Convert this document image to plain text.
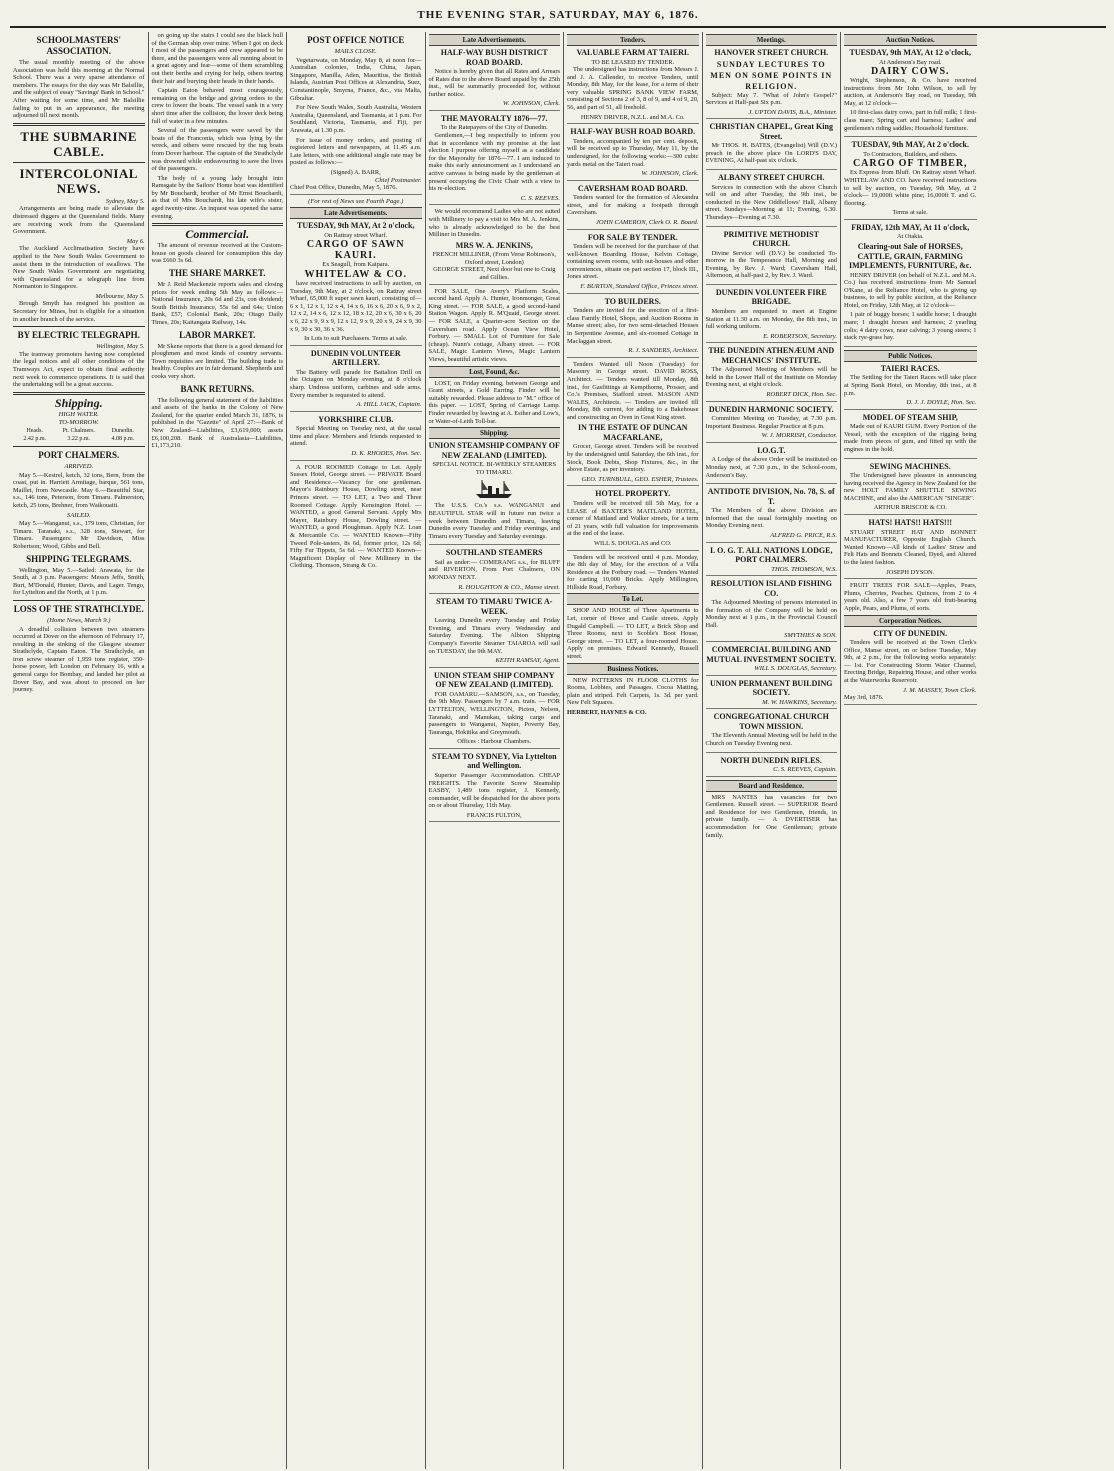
THE EVENING STAR, SATURDAY, MAY 6, 1876.
SCHOOLMASTERS' ASSOCIATION.

The usual monthly meeting of the above Association was held this morning at the Normal School. There was a very sparse attendance of members. The essays for the day was Mr Balsillie, and the subject of essay "Savings' Bank in School." After waiting for some time, and Mr Balsillie failing to put in an appearance, the meeting adjourned till next month.

THE SUBMARINE CABLE.
INTERCOLONIAL NEWS.
Sydney, May 5.

Arrangements are being made to alleviate the distressed diggers at the Queensland fields. Many are receiving work from the Queensland Government.

May 6.

The Auckland Acclimatisation Society have applied to the New South Wales Government to assist them in the introduction of swallows. The New South Wales Government are negotiating with Queensland for a telegraph line from Normanton to Singapore.

Melbourne, May 5.

Brough Smyth has resigned his position as Secretary for Mines, but is eligible for a situation in another branch of the service.

BY ELECTRIC TELEGRAPH.
Wellington, May 5.

The tramway promoters having now completed the legal notices and all other conditions of the Tramways Act, expect to obtain final authority next week to commence operations. It is said that the undertaking will be a great success.

Shipping.
HIGH WATER.
TO-MORROW.
Heads.	Pt. Chalmers.	Dunedin.
2.42 p.m.	3.22 p.m.	4.08 p.m.
PORT CHALMERS.
ARRIVED.

May 5.—Kestrel, ketch, 32 tons, Bern, from the coast, put in. Harriett Armitage, barque, 561 tons, Maillet, from Newcastle. May 6.—Beautiful Star, s.s., 146 tons, Peterson, from Timaru. Palmerston, ketch, 25 tons, Brehner, from Waikouaiti.

SAILED.

May 5.—Wanganui, s.s., 179 tons, Christian, for Timaru. Taranaki, s.s., 328 tons, Stewart, for Timaru. Passengers: Mr Davidson, Miss Robertson; Wood, Gibbs and Bell.

SHIPPING TELEGRAMS.

Wellington, May 5.—Sailed: Arawata, for the South, at 3 p.m. Passengers: Messrs Jeffs, Smith, Burt, M'Donald, Hunter, Davis, and Lager. Tengo, for Lyttelton and the North, at 1 p.m.

LOSS OF THE STRATHCLYDE.
(Home News, March 9.)

A dreadful collision between two steamers occurred at Dover on the afternoon of February 17, resulting in the sinking of the Glasgow steamer Strathclyde, Captain Eaton. The Strathclyde, an iron screw steamer of 1,959 tons register, 350-horse power, left London on February 16, with a general cargo for Bombay, and landed her pilot at Dover Bay, and was about to proceed on her journey.

on going up the stairs I could see the black hull of the German ship over mine. When I got on deck I most of the passengers and crew appeared to be there, and the passengers were all running about in a great agony and fear—some of them scrambling out their berths and crying for help, others tearing their hair and burying their heads in their hands.

Captain Eaton behaved most courageously, remaining on the bridge and giving orders to the crew to lower the boats. The vessel sank in a very short time after the collision, the lower deck being full of water in a few minutes.

Several of the passengers were saved by the boats of the Franconia, which was lying by the wreck, and others were rescued by the tug boats from Dover harbour. The captain of the Strathclyde was drowned while endeavouring to save the lives of the passengers.

The body of a young lady brought into Ramsgate by the Sailors' Home boat was identified by Mr Bouchardt, brother of Mr Ernst Bouchardt, as that of Mrs Bouchardt, his late wife's sister, aged twenty-nine. An inquest was opened the same evening.

Commercial.

The amount of revenue received at the Custom-house on goods cleared for consumption this day was £660 3s 6d.

THE SHARE MARKET.

Mr J. Reid Mackenzie reports sales and closing prices for week ending 5th May as follows:—National Insurance, 20s 6d and 23s, con dividend; South British Insurance, 55s 6d and 64s; Union Bank, £57; Colonial Bank, 20s; Otago Daily Times, 20s; Kaitangata Railway, 14s.

LABOR MARKET.

Mr Skene reports that there is a good demand for ploughmen and most kinds of country servants. Town requisites are limited. The building trade is healthy. Couples are in fair demand. Shepherds and cooks very short.

BANK RETURNS.

The following general statement of the liabilities and assets of the banks in the Colony of New Zealand, for the quarter ended March 31, 1876, is published in the "Gazette" of April 27:—Bank of New Zealand—Liabilities, £3,619,000; assets £6,100,208. Bank of Australasia—Liabilities, £1,173,210.

POST OFFICE NOTICE
MAILS CLOSE.

Vegetarwata, on Monday, May 8, at noon for—Australian colonies, India, China, Japan, Singapore, Manilla, Aden, Mauritius, the British Islands, Austrian Post Offices at Alexandria, Suez, Constantinople, Smyrna, France, &c., via Malta, Gibraltar.

For New South Wales, South Australia, Western Australia, Queensland, and Tasmania, at 1 p.m. For Southland, Victoria, Tasmania, and Fiji, per Arawata, at 1.30 p.m.

For issue of money orders, and posting of registered letters and newspapers, at 11.45 a.m. Late letters, with one additional single rate may be posted as follows:—

(Signed) A. BARR,
Chief Postmaster.
Chief Post Office, Dunedin, May 5, 1876.
(For rest of News see Fourth Page.)
Late Advertisements.
TUESDAY, 9th MAY, At 2 o'clock,
On Rattray street Wharf.
CARGO OF SAWN KAURI.
Ex Seagull, from Kaipara.
WHITELAW & CO.

have received instructions to sell by auction, on Tuesday, 9th May, at 2 o'clock, on Rattray street Wharf, 65,000 ft super sawn kauri, consisting of— 6 x 1, 12 x 1, 12 x 4, 14 x 6, 16 x 6, 20 x 6, 9 x 2, 12 x 2, 14 x 6, 12 x 12, 18 x 12, 20 x 6, 30 x 6, 20 x 6, 22 x 9, 9 x 9, 12 x 12, 9 x 9, 20 x 9, 24 x 9, 30 x 9, 30 x 30, 36 x 36.

In Lots to suit Purchasers. Terms at sale.
DUNEDIN VOLUNTEER ARTILLERY.

The Battery will parade for Battalion Drill on the Octagon on Monday evening, at 8 o'clock sharp. Undress uniform, carbines and side arms. Every member is requested to attend.

A. HILL JACK, Captain.
YORKSHIRE CLUB.

Special Meeting on Tuesday next, at the usual time and place. Members and friends requested to attend.

D. K. RHODES, Hon. Sec.

A FOUR ROOMED Cottage to Let. Apply Sussex Hotel, George street. — PRIVATE Board and Residence.—Vacancy for one gentleman. Mayor's Rainbury House, Dowling street, near Princes street. — TO LET, a Two and Three Roomed Cottage. Apply Kensington Hotel. — WANTED, a good General Servant. Apply Mrs Mayer, Rainbury House, Dowling street. — WANTED, a good Ploughman. Apply N.Z. Loan & Mercantile Co. — WANTED Known—Fifty Tweed Pole-tasters, 8s 6d, former price, 12s 6d; Fifty Fur Tippets, 5s 6d. — WANTED Known—Magnificent Display of New Millinery in the Clothing. Thomson, Strang & Co.

Late Advertisements.
HALF-WAY BUSH DISTRICT ROAD BOARD.

Notice is hereby given that all Rates and Arrears of Rates due to the above Board unpaid by the 25th inst., will be summarily proceeded for, without further notice.

W. JOHNSON, Clerk.
THE MAYORALTY 1876—77.
To the Ratepayers of the City of Dunedin.

Gentlemen,—I beg respectfully to inform you that in accordance with my promise at the last election I purpose offering myself as a candidate for the Mayoralty for 1876—77. I am induced to make this early announcement as I understand an active canvass is being made by the gentleman at present occupying the Civic Chair with a view to his re-election.

C. S. REEVES.

We would recommend Ladies who are not suited with Millinery to pay a visit to Mrs M. A. Jenkins, who is already acknowledged to be the best Milliner in Dunedin.

MRS W. A. JENKINS,
FRENCH MILLINER, (From Verse Robinson's, Oxford street, London)
GEORGE STREET, Next door but one to Craig and Gillies.

FOR SALE, One Avery's Platform Scales, second hand. Apply A. Hunter, Ironmonger, Great King street. — FOR SALE, a good second-hand Station Wagon. Apply R. M'Quaid, George street. — FOR SALE, a Quarter-acre Section on the Caversham road. Apply Ocean View Hotel, Forbury. — SMALL Lot of Furniture for Sale (cheap). Nunn's cottage, Albany street. — FOR SALE, Magic Lantern Views, Magic Lantern Views, beautiful artistic views.

Lost, Found, &c.

LOST, on Friday evening, between George and Grant streets, a Gold Earring. Finder will be suitably rewarded. Please address to "M." office of this paper. — LOST, Spring of Carriage Lamp. Finder rewarded by leaving at A. Esther and Low's, or Water-of-Leith Toll-bar.

Shipping.
UNION STEAMSHIP COMPANY OF NEW ZEALAND (LIMITED).
SPECIAL NOTICE. BI-WEEKLY STEAMERS TO TIMARU.

The U.S.S. Co.'s s.s. WANGANUI and BEAUTIFUL STAR will in future run twice a week between Dunedin and Timaru, leaving Dunedin every Tuesday and Friday evenings, and Timaru every Tuesday and Saturday evenings.

SOUTHLAND STEAMERS

Sail as under:— COMERANG s.s., for BLUFF and RIVERTON, From Port Chalmers, ON MONDAY NEXT.

R. HOUGHTON & CO., Manse street.
STEAM TO TIMARU TWICE A-WEEK.

Leaving Dunedin every Tuesday and Friday Evening, and Timaru every Wednesday and Saturday Evening. The Albion Shipping Company's Favorite Steamer TAIAROA will sail on TUESDAY, the 9th MAY.

KEITH RAMSAY, Agent.
UNION STEAM SHIP COMPANY OF NEW ZEALAND (LIMITED).

FOR OAMARU.—SAMSON, s.s., on Tuesday, the 9th May. Passengers by 7 a.m. train. — FOR LYTTELTON, WELLINGTON, Picton, Nelson, Taranaki, and Manukau, taking cargo and passengers to Wanganui, Napier, Poverty Bay, Tauranga, Hokitika and Greymouth.

Offices : Harbour Chambers.
STEAM TO SYDNEY, Via Lyttelton and Wellington.

Superior Passenger Accommodation. CHEAP FREIGHTS. The Favorite Screw Steamship EASBY, 1,489 tons register, J. Kennedy, commander, will be despatched for the above ports on or about Thursday, 11th May.

FRANCIS FULTON,
Tenders.
VALUABLE FARM AT TAIERI.
TO BE LEASED BY TENDER.

The undersigned has instructions from Messrs J. and J. A. Callender, to receive Tenders, until Monday, 8th May, for the lease, for a term of their very valuable SPRING BANK VIEW FARM, consisting of Sections 2 of 3, 8 of 9, and 4 of 9, 20, 56, and part of 51, all freehold.

HENRY DRIVER, N.Z.L. and M.A. Co.
HALF-WAY BUSH ROAD BOARD.

Tenders, accompanied by ten per cent. deposit, will be received up to Thursday, May 11, by the undersigned, for the following works:—300 cubic yards metal on the Taieri road.

W. JOHNSON, Clerk.
CAVERSHAM ROAD BOARD.

Tenders wanted for the formation of Alexandra street, and for making a footpath through Caversham.

JOHN CAMERON, Clerk O. R. Board.
FOR SALE BY TENDER.

Tenders will be received for the purchase of that well-known Boarding House, Kelvin Cottage, containing seven rooms, with out-houses and other conveniences, situate on part section 17, block III., Jones street.

F. BURTON, Standard Office, Princes street.
TO BUILDERS.

Tenders are invited for the erection of a first-class Family Hotel, Shops, and Auction Rooms in Manse street; also, for two semi-detached Houses in Serpentine Avenue, and six-roomed Cottage in Maclaggan street.

R. J. SANDERS, Architect.

Tenders Wanted till Noon (Tuesday) for Masonry in George street. DAVID ROSS, Architect. — Tenders wanted till Monday, 8th inst., for Gasfittings at Kempthorne, Prosser, and Co.'s Premises, Stafford street. MASON AND WALES, Architects. — Tenders are invited till Monday, 8th current, for adding to a Bakehouse and constructing an Oven in Great King street.

IN THE ESTATE OF DUNCAN MACFARLANE,

Grocer, George street. Tenders will be received by the undersigned until Saturday, the 6th inst., for Stock, Book Debts, Shop Fixtures, &c., in the above Estate, as per inventory.

GEO. TURNBULL, GEO. ESHER, Trustees.
HOTEL PROPERTY.

Tenders will be received till 5th May, for a LEASE of BAXTER'S MAITLAND HOTEL, corner of Maitland and Walker streets, for a term of 21 years, with full valuation for improvements at the end of the lease.

WILL S. DOUGLAS and CO.

Tenders will be received until 4 p.m. Monday, the 8th day of May, for the erection of a Villa Residence at the Forbury road. — Tenders Wanted for carting 10,000 Bricks. Apply Millington, Hillside Road, Forbury.

To Let.

SHOP AND HOUSE of Three Apartments to Let, corner of Howe and Castle streets. Apply Dugald Campbell. — TO LET, a Brick Shop and Three Rooms, next to Scoble's Boot House, George street. — TO LET, a four-roomed House. Apply on premises. Edward Kennedy, Russell street.

Business Notices.

NEW PATTERNS IN FLOOR CLOTHS for Rooms, Lobbies, and Passages. Cocoa Matting, plain and striped. Felt Carpets, 1s. 3d. per yard. New Felt Squares.

HERBERT, HAYNES & CO.
Meetings.
HANOVER STREET CHURCH.
SUNDAY LECTURES TO MEN ON SOME POINTS IN RELIGION.

Subject: May 7. "What of John's Gospel?" Services at Half-past Six p.m.

J. UPTON DAVIS, B.A., Minister.
CHRISTIAN CHAPEL, Great King Street.

Mr THOS. H. BATES, (Evangelist) Will (D.V.) preach in the above place On LORD'S DAY, EVENING, At half-past six o'clock.

ALBANY STREET CHURCH.

Services in connection with the above Church will on and after Tuesday, the 9th inst., be conducted in the New Oddfellows' Hall, Albany street. Sundays—Morning at 11; Evening, 6.30. Thursdays—Evening at 7.30.

PRIMITIVE METHODIST CHURCH.

Divine Service will (D.V.) be conducted To-morrow in the Temperance Hall, Morning and Evening, by Rev. J. Ward; Caversham Hall, Afternoon, at half-past 2, by Rev. J. Ward.

DUNEDIN VOLUNTEER FIRE BRIGADE.

Members are requested to meet at Engine Station at 11.30 a.m. on Monday, the 8th inst., in full working uniform.

E. ROBERTSON, Secretary.
THE DUNEDIN ATHENÆUM AND MECHANICS' INSTITUTE.

The Adjourned Meeting of Members will be held in the Lower Hall of the Institute on Monday Evening next, at eight o'clock.

ROBERT DICK, Hon. Sec.
DUNEDIN HARMONIC SOCIETY.

Committee Meeting on Tuesday, at 7.30 p.m. Important Business. Regular Practice at 8 p.m.

W. J. MORRISH, Conductor.
I.O.G.T.

A Lodge of the above Order will be instituted on Monday next, at 7.30 p.m., in the School-room, Anderson's Bay.

ANTIDOTE DIVISION, No. 78, S. of T.

The Members of the above Division are informed that the usual fortnightly meeting on Monday Evening next.

ALFRED G. PRICE, R.S.
I. O. G. T. ALL NATIONS LODGE, PORT CHALMERS.
THOS. THOMSON, W.S.
RESOLUTION ISLAND FISHING CO.

The Adjourned Meeting of persons interested in the formation of the Company will be held on Monday next at 1 p.m., in the Provincial Council Hall.

SMYTHIES & SON.
COMMERCIAL BUILDING AND MUTUAL INVESTMENT SOCIETY.
WILL S. DOUGLAS, Secretary.
UNION PERMANENT BUILDING SOCIETY.
M. W. HAWKINS, Secretary.
CONGREGATIONAL CHURCH TOWN MISSION.

The Eleventh Annual Meeting will be held in the Church on Tuesday Evening next.

NORTH DUNEDIN RIFLES.
C. S. REEVES, Captain.
Board and Residence.

MRS NANTES has vacancies for two Gentlemen. Russell street. — SUPERIOR Board and Residence for two Gentlemen, friends, in private family. — A DVERTISER has accommodation for One Gentleman; private family.

Auction Notices.
TUESDAY, 9th MAY, At 12 o'clock,
At Anderson's Bay road.
DAIRY COWS.

Wright, Stephenson, & Co. have received instructions from Mr John Wilson, to sell by auction, at Anderson's Bay road, on Tuesday, 9th May, at 12 o'clock—

10 first-class dairy cows, part in full milk; 1 first-class mare; Spring cart and harness; Ladies' and gentlemen's riding saddles; Household furniture.

TUESDAY, 9th MAY, At 2 o'clock.
To Contractors, Builders, and others.
CARGO OF TIMBER,

Ex Express from Bluff. On Rattray street Wharf. WHITELAW AND CO. have received instructions to sell by auction, on Tuesday, 9th May, at 2 o'clock— 19,000ft white pine; 16,000ft T. and G. flooring.

Terms at sale.
FRIDAY, 12th MAY, At 11 o'clock,
At Otakia.
Clearing-out Sale of HORSES, CATTLE, GRAIN, FARMING IMPLEMENTS, FURNITURE, &c.

HENRY DRIVER (on behalf of N.Z.L. and M.A. Co.) has received instructions from Mr Samuel O'Kane, at the Reliance Hotel, who is giving up business, to sell by public auction, at the Reliance Hotel, on Friday, 12th May, at 12 o'clock—

1 pair of buggy horses; 1 saddle horse; 1 draught mare; 1 draught horses and harness; 2 yearling colts; 4 dairy cows, near calving; 3 young steers; 1 stack rye-grass hay.

Public Notices.
TAIERI RACES.

The Settling for the Taieri Races will take place at Spring Bank Hotel, on Monday, 8th inst., at 8 p.m.

D. J. J. DOYLE, Hon. Sec.
MODEL OF STEAM SHIP,

Made out of KAURI GUM. Every Portion of the Vessel, with the exception of the rigging being made from pieces of gum, and fitted up with the engines in the hold.

SEWING MACHINES.

The Undersigned have pleasure in announcing having received the Agency in New Zealand for the new HOLT FAMILY SHUTTLE SEWING MACHINE, and also the AMERICAN "SINGER".

ARTHUR BRISCOE & CO.
HATS! HATS!! HATS!!!

STUART STREET HAT AND BONNET MANUFACTURER, Opposite English Church. Wanted Known—All kinds of Ladies' Straw and Felt Hats and Bonnets Cleaned, Dyed, and Altered to the latest fashion.

JOSEPH DYSON.

FRUIT TREES FOR SALE—Apples, Pears, Plums, Cherries, Peaches. Quinces, from 2 to 4 years old. Also, a few 7 years old fruit-bearing Apple, Pears, and Plums, of sorts.

Corporation Notices.
CITY OF DUNEDIN.

Tenders will be received at the Town Clerk's Office, Manse street, on or before Tuesday, May 9th, at 2 p.m., for the following works separately:— 1st. For Constructing Storm Water Channel, Erecting Bridge, Repairing House, and other works at the Waterworks Reservoir.

J. M. MASSEY, Town Clerk.
May 3rd, 1876.
